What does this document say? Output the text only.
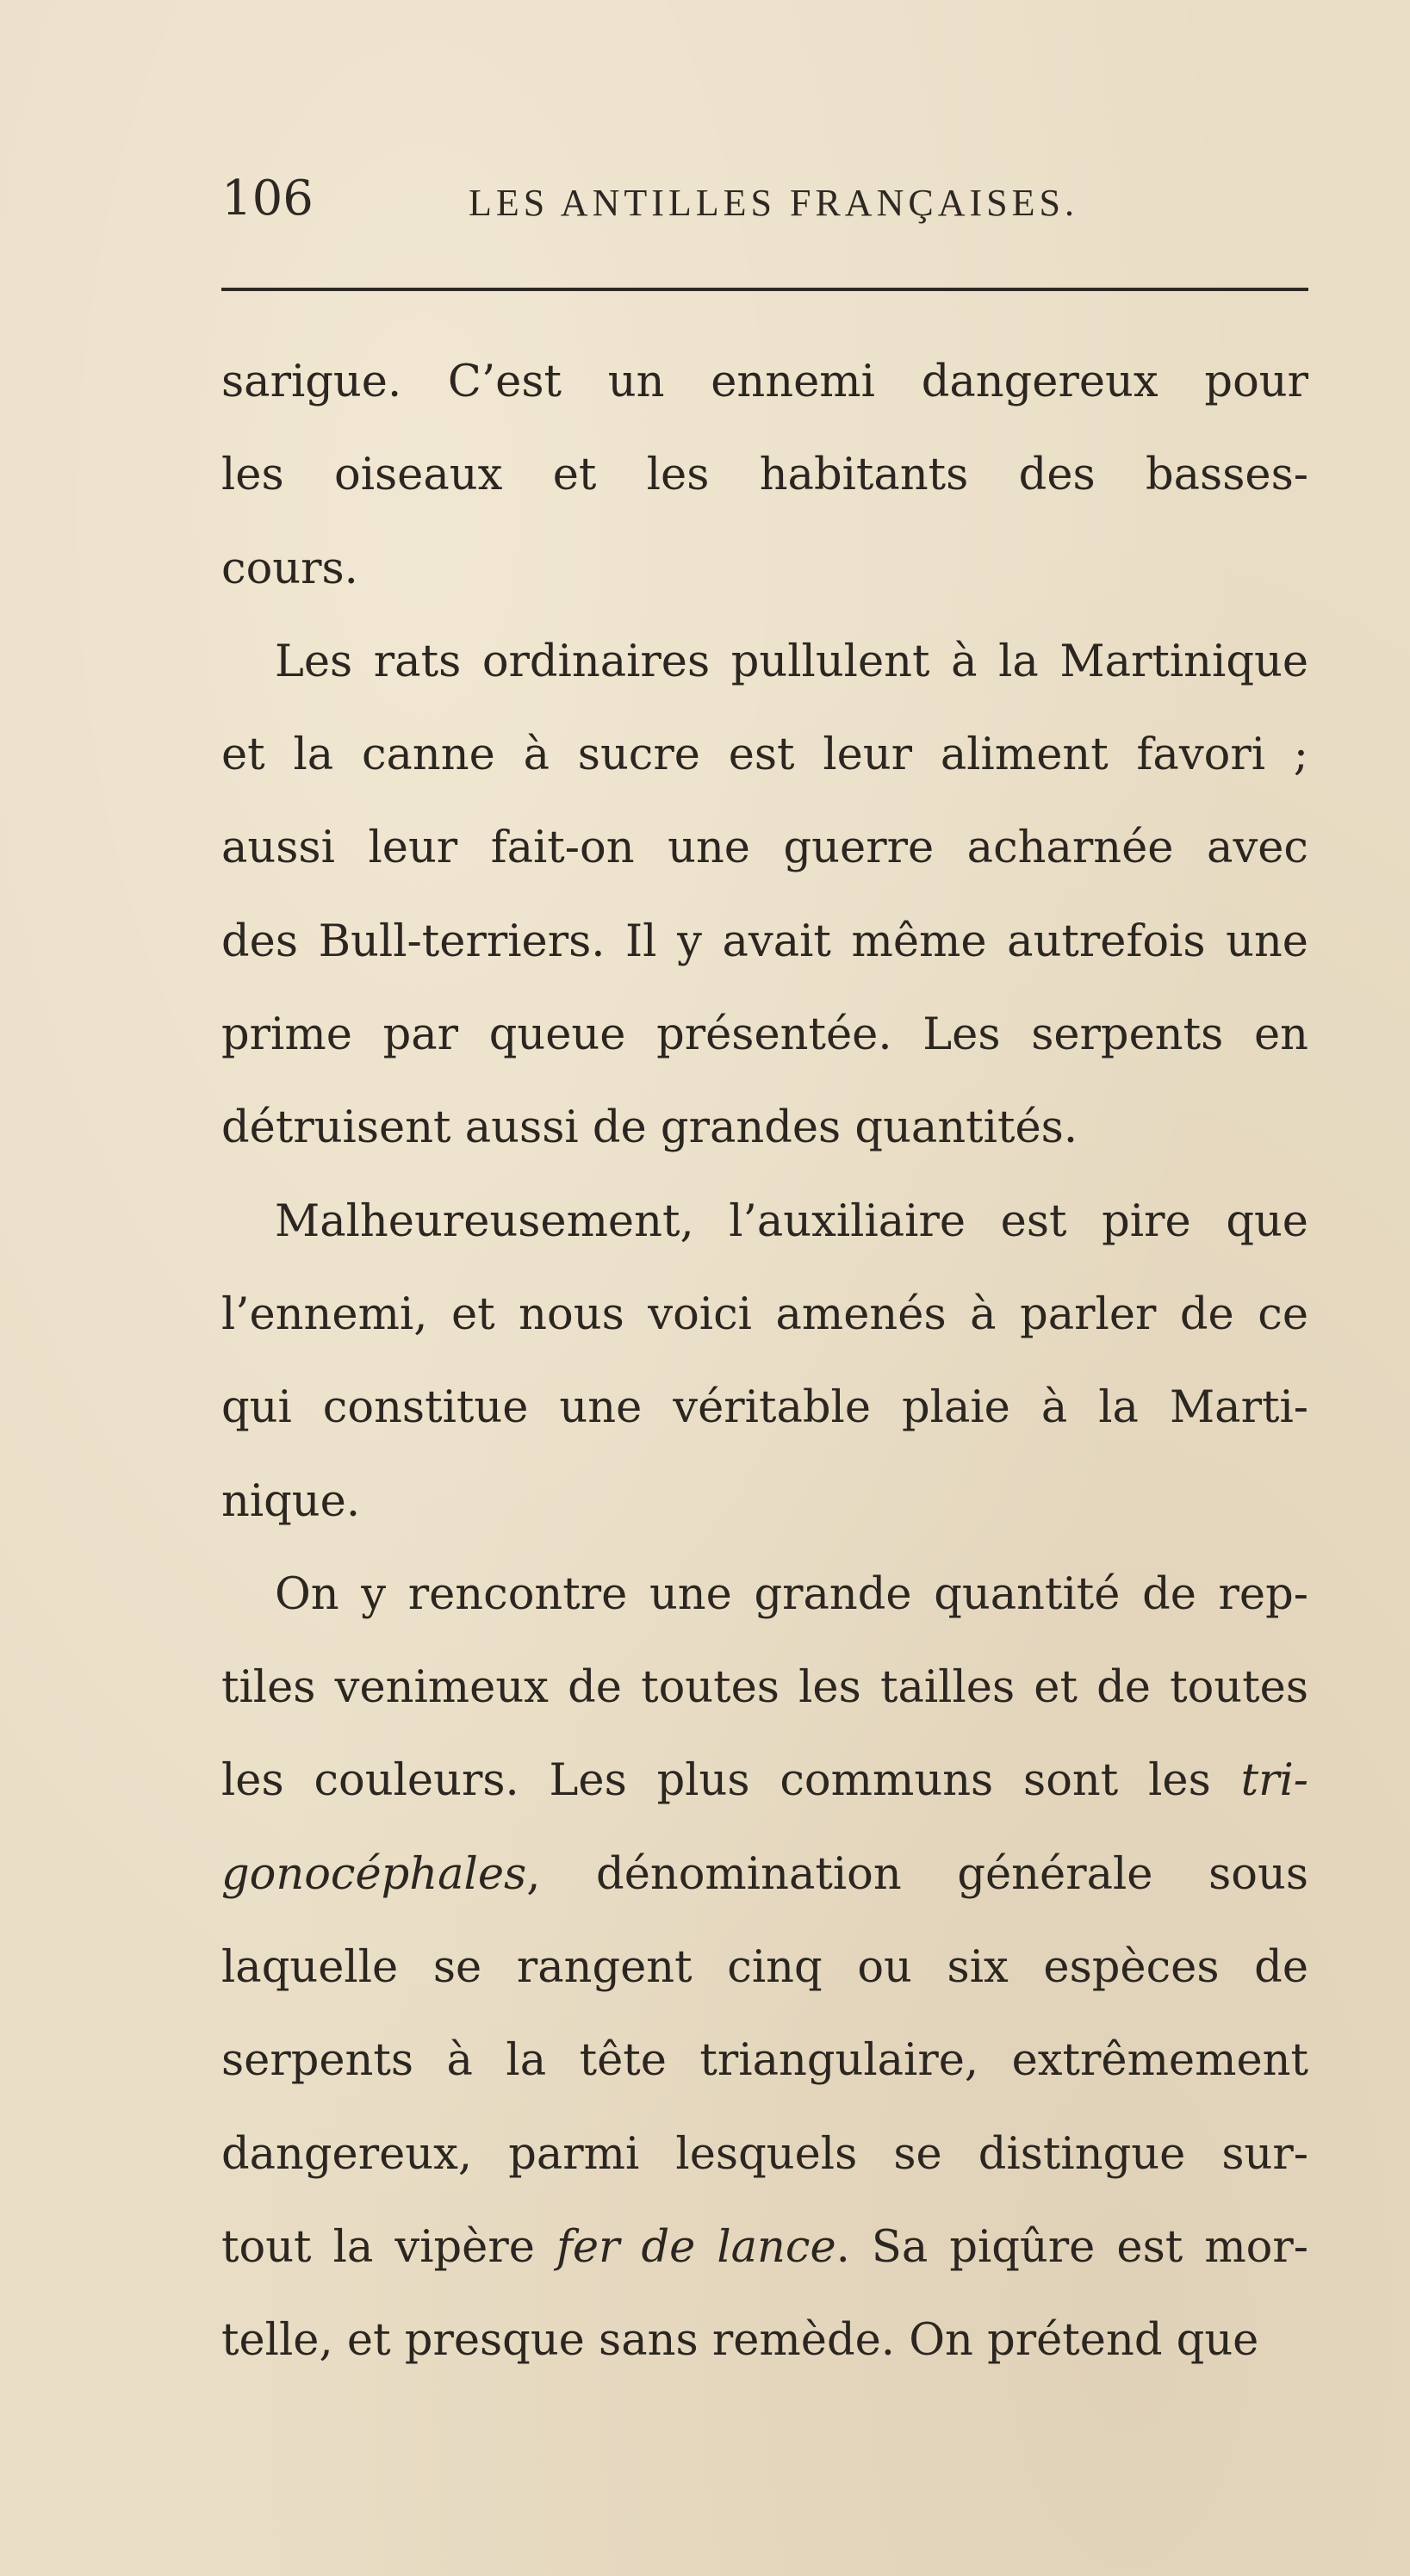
106	LES ANTILLES FRANÇAISES.
sarigue. C’est un ennemi dangereux pour
les oiseaux et les habitants des basses-
cours.
Les rats ordinaires pullulent à la Martinique
et la canne à sucre est leur aliment favori ;
aussi leur fait-on une guerre acharnée avec
des Bull-terriers. Il y avait même autrefois une
prime par queue présentée. Les serpents en
détruisent aussi de grandes quantités.
Malheureusement, l’auxiliaire est pire que
l’ennemi, et nous voici amenés à parler de ce
qui constitue une véritable plaie à la Marti-
nique.
On y rencontre une grande quantité de rep-
tiles venimeux de toutes les tailles et de toutes
les couleurs. Les plus communs sont les tri-
gonocéphales, dénomination générale sous
laquelle se rangent cinq ou six espèces de
serpents à la tête triangulaire, extrêmement
dangereux, parmi lesquels se distingue sur-
tout la vipère fer de lance. Sa piqûre est mor-
telle, et presque sans remède. On prétend que
